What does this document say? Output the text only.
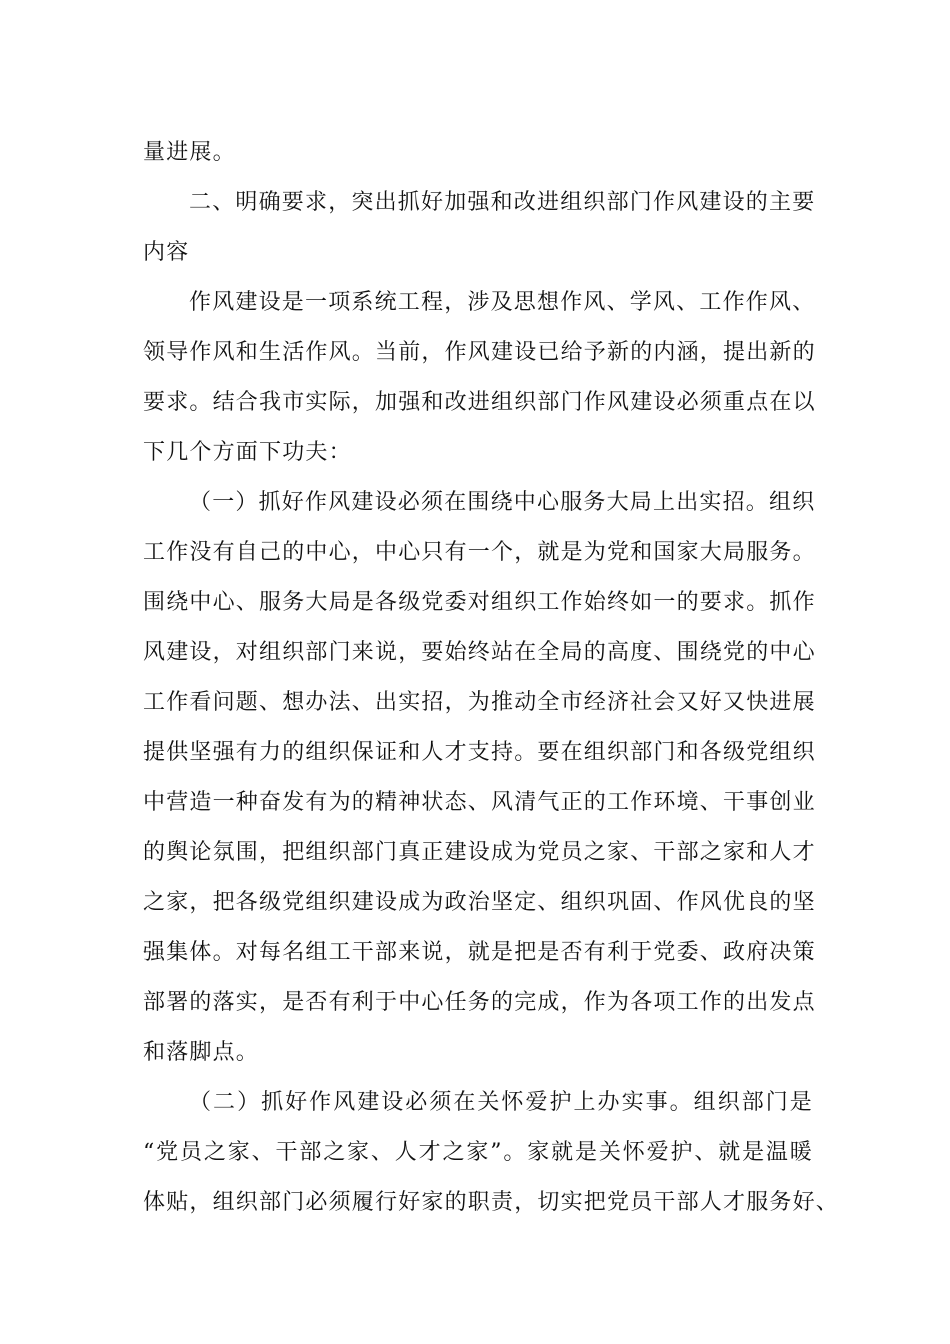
量进展。
二、明确要求，突出抓好加强和改进组织部门作风建设的主要
内容
作风建设是一项系统工程，涉及思想作风、学风、工作作风、
领导作风和生活作风。当前，作风建设已给予新的内涵，提出新的
要求。结合我市实际，加强和改进组织部门作风建设必须重点在以
下几个方面下功夫：
（一）抓好作风建设必须在围绕中心服务大局上出实招。组织
工作没有自己的中心，中心只有一个，就是为党和国家大局服务。
围绕中心、服务大局是各级党委对组织工作始终如一的要求。抓作
风建设，对组织部门来说，要始终站在全局的高度、围绕党的中心
工作看问题、想办法、出实招，为推动全市经济社会又好又快进展
提供坚强有力的组织保证和人才支持。要在组织部门和各级党组织
中营造一种奋发有为的精神状态、风清气正的工作环境、干事创业
的舆论氛围，把组织部门真正建设成为党员之家、干部之家和人才
之家，把各级党组织建设成为政治坚定、组织巩固、作风优良的坚
强集体。对每名组工干部来说，就是把是否有利于党委、政府决策
部署的落实，是否有利于中心任务的完成，作为各项工作的出发点
和落脚点。
（二）抓好作风建设必须在关怀爱护上办实事。组织部门是
“党员之家、干部之家、人才之家”。家就是关怀爱护、就是温暖
体贴，组织部门必须履行好家的职责，切实把党员干部人才服务好、
